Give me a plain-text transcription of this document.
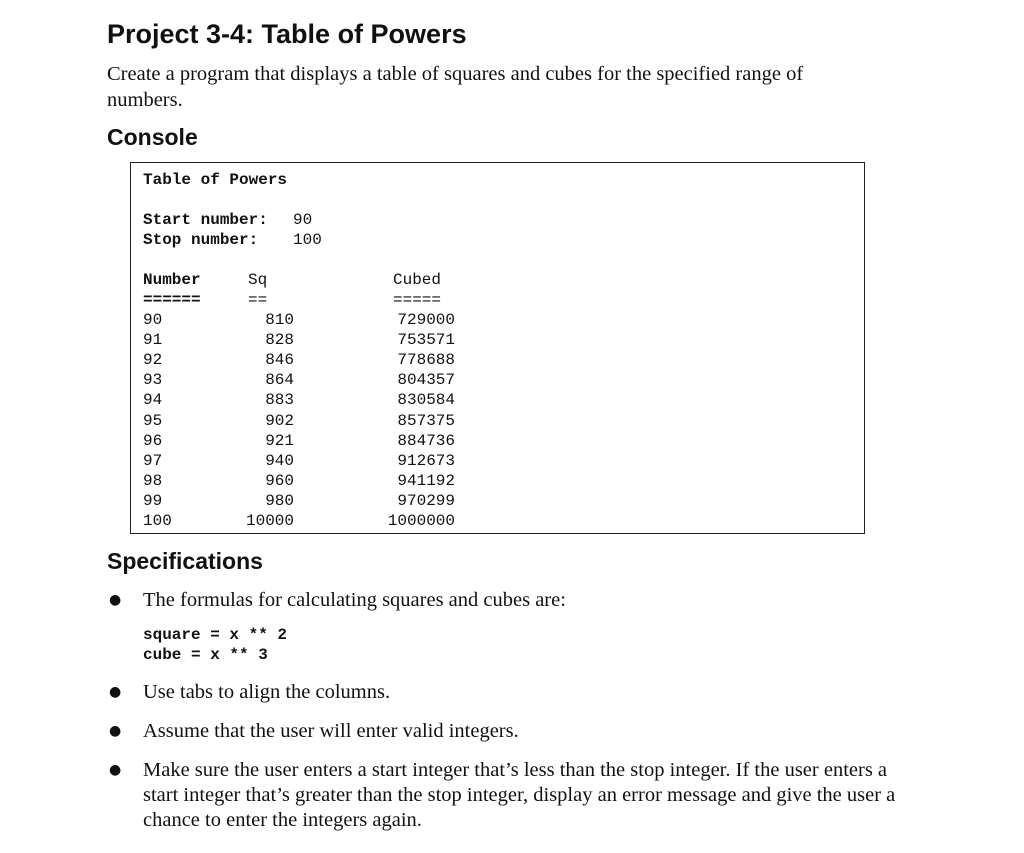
Project 3-4: Table of Powers

Create a program that displays a table of squares and cubes for the specified range of numbers.

Console
Table of Powers
Start number: 90
Stop number: 100
Number	Sq	Cubed
======	==	=====
90	810	729000
91	828	753571
92	846	778688
93	864	804357
94	883	830584
95	902	857375
96	921	884736
97	940	912673
98	960	941192
99	980	970299
100	10000	1000000
Specifications
● The formulas for calculating squares and cubes are:
square = x ** 2
cube = x ** 3
● Use tabs to align the columns.
● Assume that the user will enter valid integers.
● Make sure the user enters a start integer that’s less than the stop integer. If the user enters a start integer that’s greater than the stop integer, display an error message and give the user a chance to enter the integers again.
